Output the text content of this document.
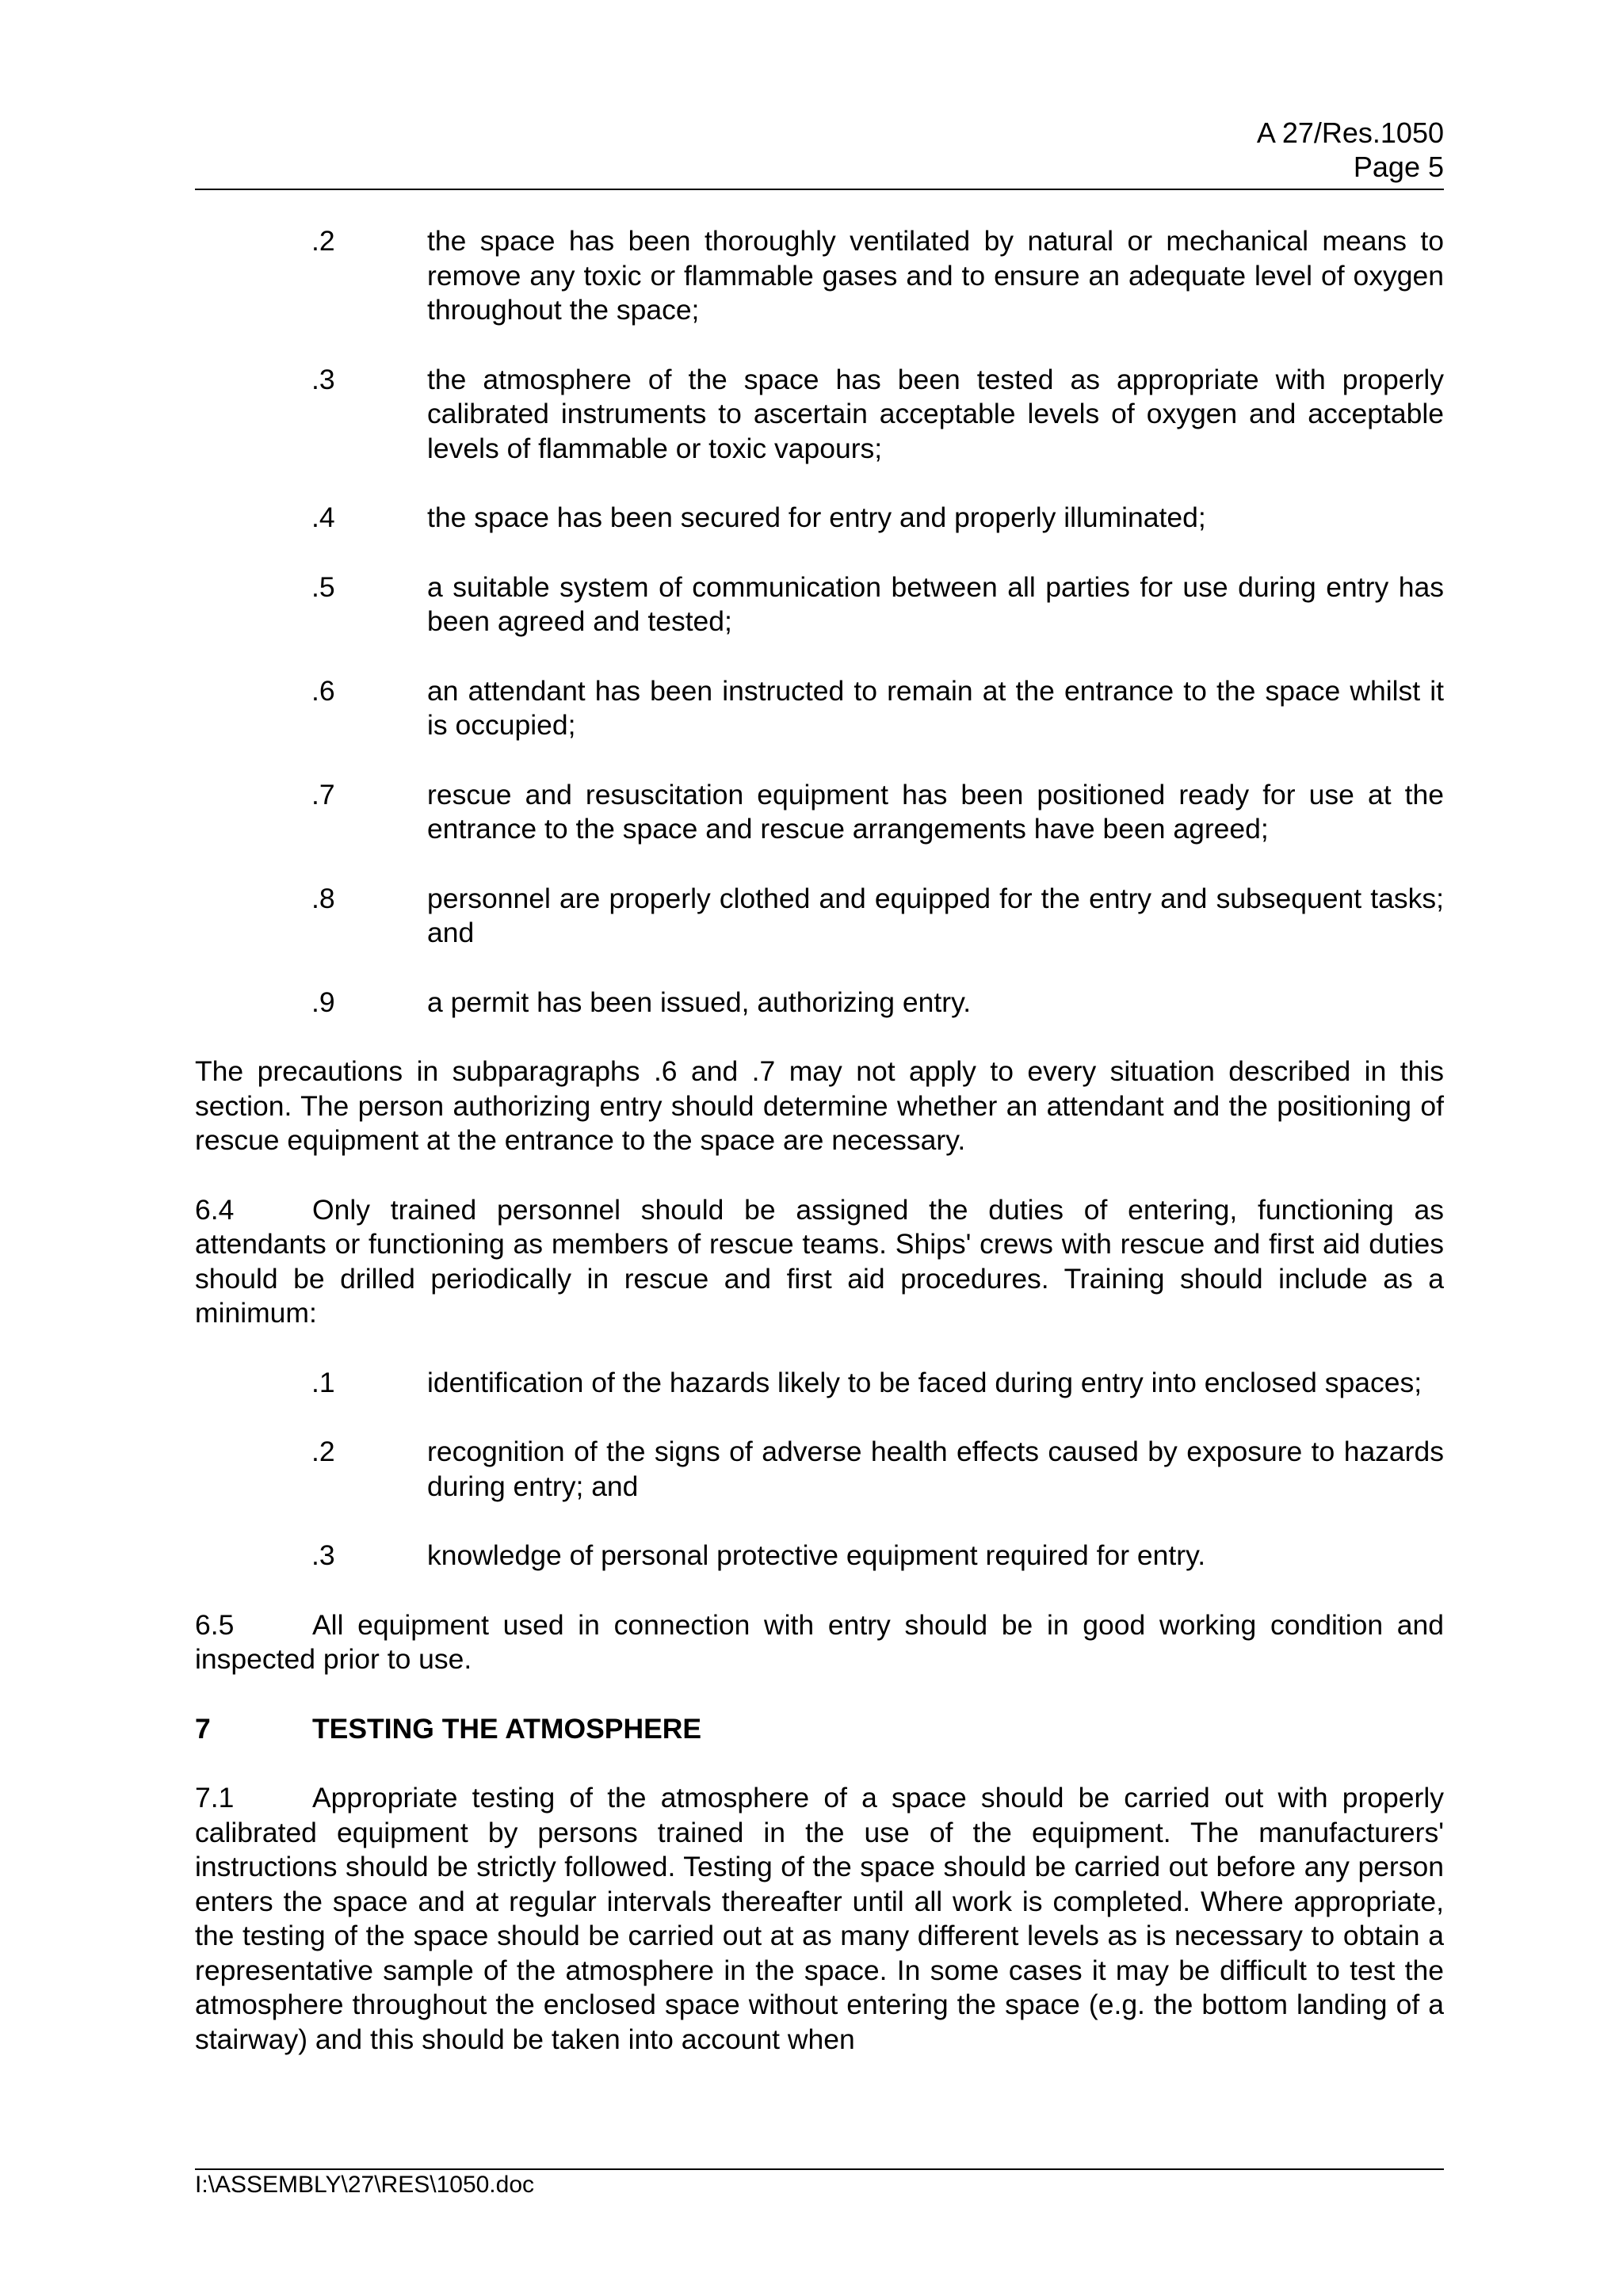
A 27/Res.1050
Page 5
.2	the space has been thoroughly ventilated by natural or mechanical means to remove any toxic or flammable gases and to ensure an adequate level of oxygen throughout the space;
.3	the atmosphere of the space has been tested as appropriate with properly calibrated instruments to ascertain acceptable levels of oxygen and acceptable levels of flammable or toxic vapours;
.4	the space has been secured for entry and properly illuminated;
.5	a suitable system of communication between all parties for use during entry has been agreed and tested;
.6	an attendant has been instructed to remain at the entrance to the space whilst it is occupied;
.7	rescue and resuscitation equipment has been positioned ready for use at the entrance to the space and rescue arrangements have been agreed;
.8	personnel are properly clothed and equipped for the entry and subsequent tasks; and
.9	a permit has been issued, authorizing entry.
The precautions in subparagraphs .6 and .7 may not apply to every situation described in this section. The person authorizing entry should determine whether an attendant and the positioning of rescue equipment at the entrance to the space are necessary.
6.4	Only trained personnel should be assigned the duties of entering, functioning as attendants or functioning as members of rescue teams. Ships' crews with rescue and first aid duties should be drilled periodically in rescue and first aid procedures. Training should include as a minimum:
.1	identification of the hazards likely to be faced during entry into enclosed spaces;
.2	recognition of the signs of adverse health effects caused by exposure to hazards during entry; and
.3	knowledge of personal protective equipment required for entry.
6.5	All equipment used in connection with entry should be in good working condition and inspected prior to use.
7	TESTING THE ATMOSPHERE
7.1	Appropriate testing of the atmosphere of a space should be carried out with properly calibrated equipment by persons trained in the use of the equipment. The manufacturers' instructions should be strictly followed. Testing of the space should be carried out before any person enters the space and at regular intervals thereafter until all work is completed. Where appropriate, the testing of the space should be carried out at as many different levels as is necessary to obtain a representative sample of the atmosphere in the space. In some cases it may be difficult to test the atmosphere throughout the enclosed space without entering the space (e.g. the bottom landing of a stairway) and this should be taken into account when
I:\ASSEMBLY\27\RES\1050.doc
